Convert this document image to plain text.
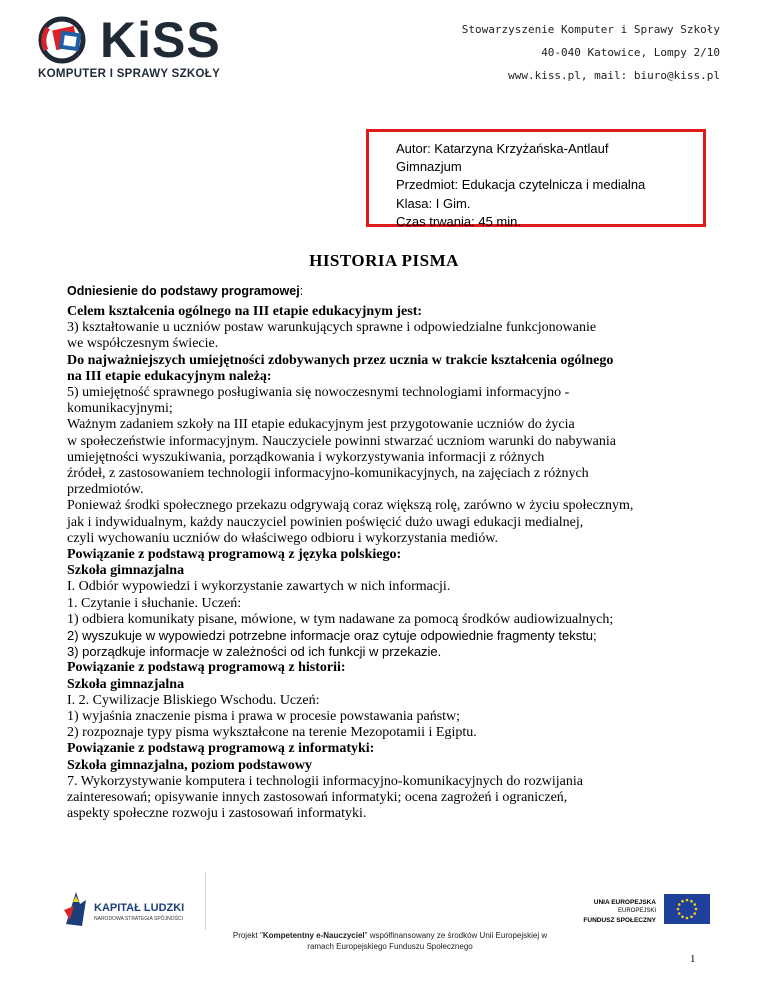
KiSS
KOMPUTER I SPRAWY SZKOŁY
Stowarzyszenie Komputer i Sprawy Szkoły
40-040 Katowice, Lompy 2/10
www.kiss.pl, mail: biuro@kiss.pl
Autor: Katarzyna Krzyżańska-Antlauf
Gimnazjum
Przedmiot: Edukacja czytelnicza i medialna
Klasa: I Gim.
Czas trwania: 45 min.
HISTORIA PISMA
Odniesienie do podstawy programowej:
Celem kształcenia ogólnego na III etapie edukacyjnym jest:
3) kształtowanie u uczniów postaw warunkujących sprawne i odpowiedzialne funkcjonowanie
we współczesnym świecie.
Do najważniejszych umiejętności zdobywanych przez ucznia w trakcie kształcenia ogólnego
na III etapie edukacyjnym należą:
5) umiejętność sprawnego posługiwania się nowoczesnymi technologiami informacyjno -
komunikacyjnymi;
Ważnym zadaniem szkoły na III etapie edukacyjnym jest przygotowanie uczniów do życia
w społeczeństwie informacyjnym. Nauczyciele powinni stwarzać uczniom warunki do nabywania
umiejętności wyszukiwania, porządkowania i wykorzystywania informacji z różnych
źródeł, z zastosowaniem technologii informacyjno-komunikacyjnych, na zajęciach z różnych
przedmiotów.
Ponieważ środki społecznego przekazu odgrywają coraz większą rolę, zarówno w życiu społecznym,
jak i indywidualnym, każdy nauczyciel powinien poświęcić dużo uwagi edukacji medialnej,
czyli wychowaniu uczniów do właściwego odbioru i wykorzystania mediów.
Powiązanie z podstawą programową z języka polskiego:
Szkoła gimnazjalna
I. Odbiór wypowiedzi i wykorzystanie zawartych w nich informacji.
1. Czytanie i słuchanie. Uczeń:
1) odbiera komunikaty pisane, mówione, w tym nadawane za pomocą środków audiowizualnych;
2) wyszukuje w wypowiedzi potrzebne informacje oraz cytuje odpowiednie fragmenty tekstu;
3) porządkuje informacje w zależności od ich funkcji w przekazie.
Powiązanie z podstawą programową z historii:
Szkoła gimnazjalna
I. 2. Cywilizacje Bliskiego Wschodu. Uczeń:
1) wyjaśnia znaczenie pisma i prawa w procesie powstawania państw;
2) rozpoznaje typy pisma wykształcone na terenie Mezopotamii i Egiptu.
Powiązanie z podstawą programową z informatyki:
Szkoła gimnazjalna, poziom podstawowy
7. Wykorzystywanie komputera i technologii informacyjno-komunikacyjnych do rozwijania
zainteresowań; opisywanie innych zastosowań informatyki; ocena zagrożeń i ograniczeń,
aspekty społeczne rozwoju i zastosowań informatyki.
KAPITAŁ LUDZKI
NARODOWA STRATEGIA SPÓJNOŚCI
UNIA EUROPEJSKA
EUROPEJSKI
FUNDUSZ SPOŁECZNY
Projekt "Kompetentny e-Nauczyciel" współfinansowany ze środków Unii Europejskiej w
ramach Europejskiego Funduszu Społecznego
1
